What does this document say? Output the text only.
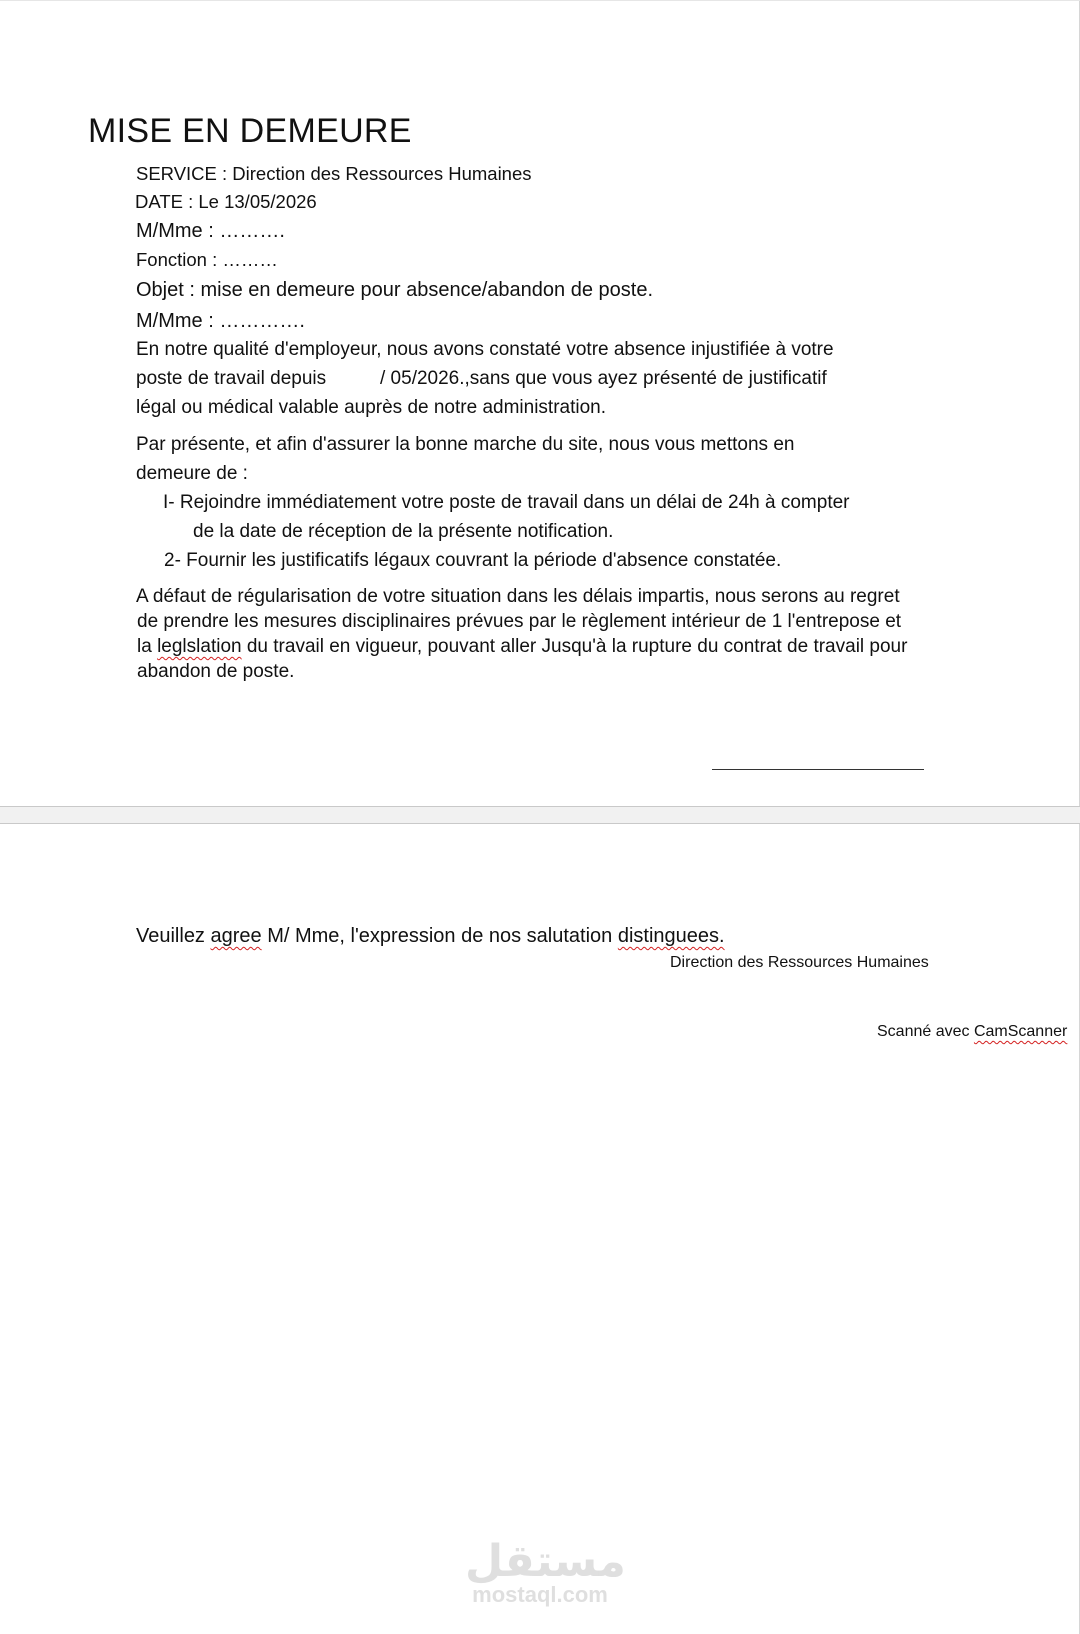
MISE EN DEMEURE
SERVICE : Direction des Ressources Humaines
DATE : Le 13/05/2026
M/Mme : ……….
Fonction : ………
Objet : mise en demeure pour absence/abandon de poste.
M/Mme : ………….
En notre qualité d'employeur, nous avons constaté votre absence injustifiée à votre
poste de travail depuis	/ 05/2026.,sans que vous ayez présenté de justificatif
légal ou médical valable auprès de notre administration.
Par présente, et afin d'assurer la bonne marche du site, nous vous mettons en
demeure de :
I- Rejoindre immédiatement votre poste de travail dans un délai de 24h à compter
de la date de réception de la présente notification.
2- Fournir les justificatifs légaux couvrant la période d'absence constatée.
A défaut de régularisation de votre situation dans les délais impartis, nous serons au regret
de prendre les mesures disciplinaires prévues par le règlement intérieur de 1 l'entrepose et
la leglslation du travail en vigueur, pouvant aller Jusqu'à la rupture du contrat de travail pour
abandon de poste.
Veuillez agree M/ Mme, l'expression de nos salutation distinguees.
Direction des Ressources Humaines
Scanné avec CamScanner
مستقل
mostaql.com
